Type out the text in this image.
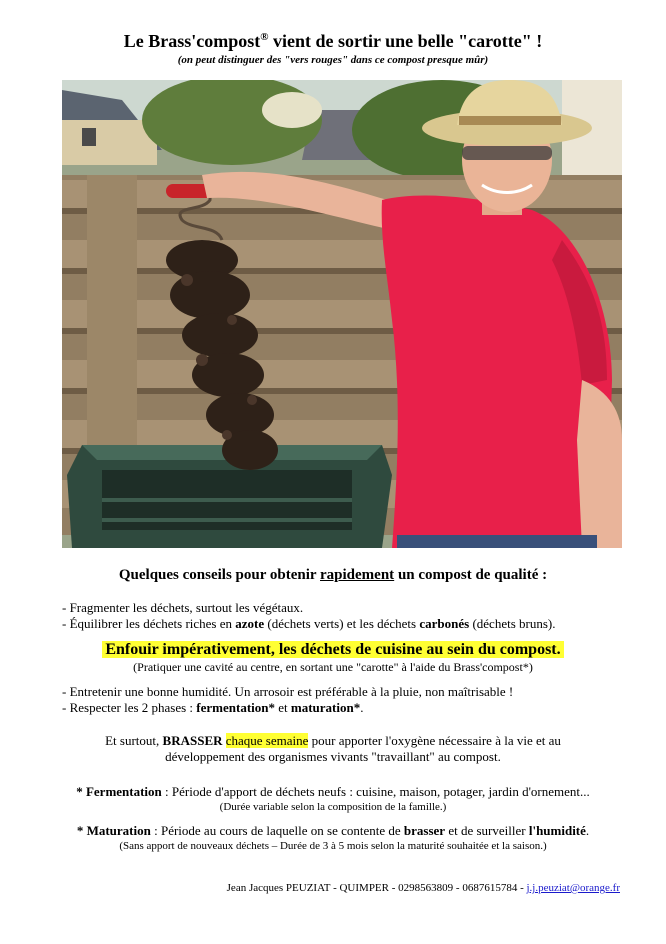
Le Brass'compost® vient de sortir une belle "carotte" !
(on peut distinguer des "vers rouges" dans ce compost presque mûr)
Quelques conseils pour obtenir rapidement un compost de qualité :
- Fragmenter les déchets, surtout les végétaux.
- Équilibrer les déchets riches en azote (déchets verts) et les déchets carbonés (déchets bruns).
Enfouir impérativement, les déchets de cuisine au sein du compost.
(Pratiquer une cavité au centre, en sortant une "carotte" à l'aide du Brass'compost*)
- Entretenir une bonne humidité. Un arrosoir est préférable à la pluie, non maîtrisable !
- Respecter les 2 phases : fermentation* et maturation*.
Et surtout, BRASSER chaque semaine pour apporter l'oxygène nécessaire à la vie et au
développement des organismes vivants "travaillant" au compost.
* Fermentation : Période d'apport de déchets neufs : cuisine, maison, potager, jardin d'ornement...
(Durée variable selon la composition de la famille.)
* Maturation : Période au cours de laquelle on se contente de brasser et de surveiller l'humidité.
(Sans apport de nouveaux déchets – Durée de 3 à 5 mois selon la maturité souhaitée et la saison.)
Jean Jacques PEUZIAT - QUIMPER - 0298563809 - 0687615784 - j.j.peuziat@orange.fr
